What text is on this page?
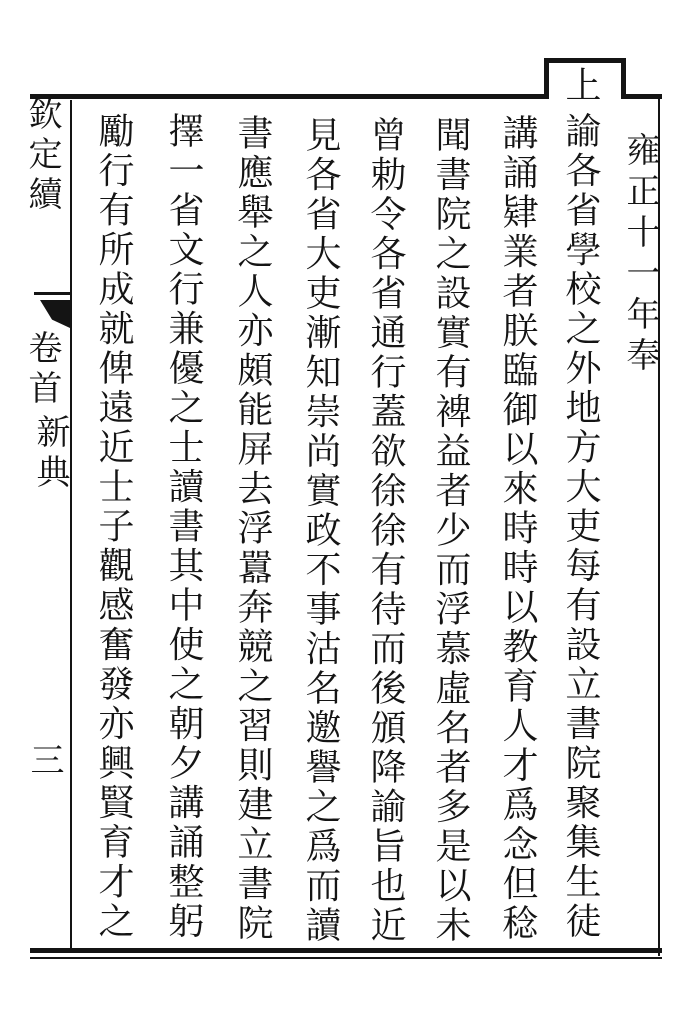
雍正十一年奉
上
諭各省學校之外地方大吏每有設立書院聚集生徒
講誦肄業者朕臨御以來時時以教育人才爲念但稔
聞書院之設實有裨益者少而浮慕虛名者多是以未
曾勅令各省通行蓋欲徐徐有待而後頒降諭旨也近
見各省大吏漸知崇尚實政不事沽名邀譽之爲而讀
書應舉之人亦頗能屏去浮囂奔競之習則建立書院
擇一省文行兼優之士讀書其中使之朝夕講誦整躬
勵行有所成就俾遠近士子觀感奮發亦興賢育才之
欽定續
卷首
新典
三
